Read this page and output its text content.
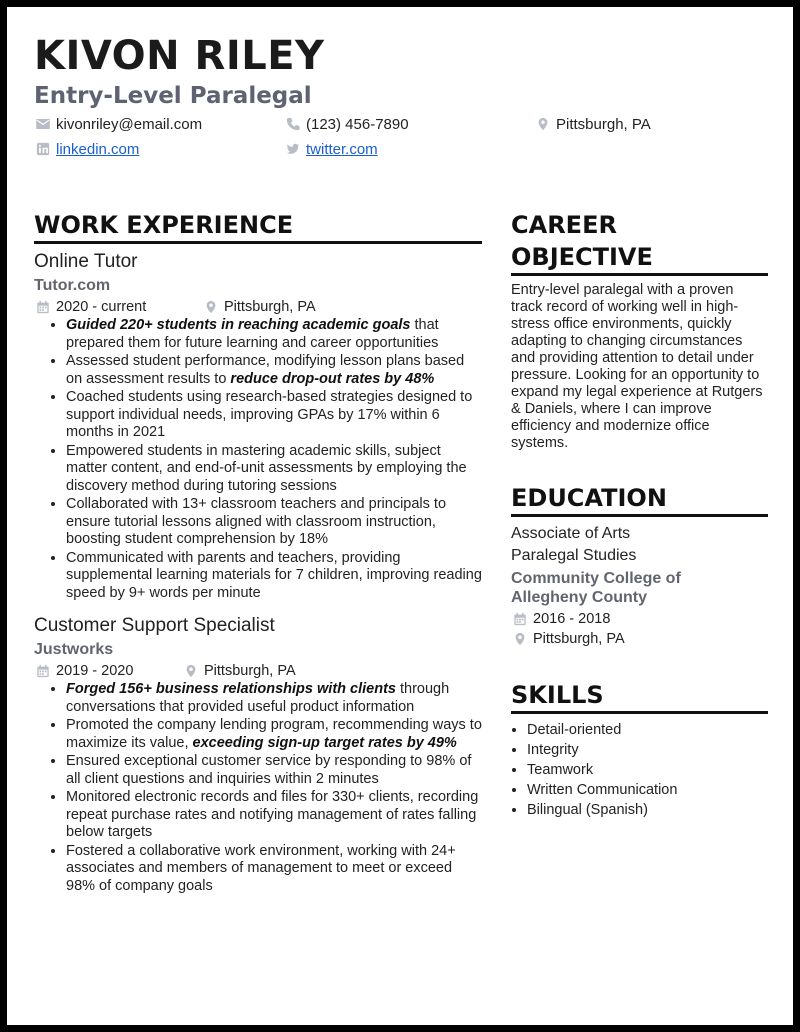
KIVON RILEY
Entry-Level Paralegal
kivonriley@email.com	(123) 456-7890	Pittsburgh, PA
linkedin.com	twitter.com
WORK EXPERIENCE
Online Tutor
Tutor.com
2020 - current	Pittsburgh, PA
• Guided 220+ students in reaching academic goals that prepared them for future learning and career opportunities
• Assessed student performance, modifying lesson plans based on assessment results to reduce drop-out rates by 48%
• Coached students using research-based strategies designed to support individual needs, improving GPAs by 17% within 6 months in 2021
• Empowered students in mastering academic skills, subject matter content, and end-of-unit assessments by employing the discovery method during tutoring sessions
• Collaborated with 13+ classroom teachers and principals to ensure tutorial lessons aligned with classroom instruction, boosting student comprehension by 18%
• Communicated with parents and teachers, providing supplemental learning materials for 7 children, improving reading speed by 9+ words per minute
Customer Support Specialist
Justworks
2019 - 2020	Pittsburgh, PA
• Forged 156+ business relationships with clients through conversations that provided useful product information
• Promoted the company lending program, recommending ways to maximize its value, exceeding sign-up target rates by 49%
• Ensured exceptional customer service by responding to 98% of all client questions and inquiries within 2 minutes
• Monitored electronic records and files for 330+ clients, recording repeat purchase rates and notifying management of rates falling below targets
• Fostered a collaborative work environment, working with 24+ associates and members of management to meet or exceed 98% of company goals
CAREER
OBJECTIVE

Entry-level paralegal with a proven track record of working well in high-stress office environments, quickly adapting to changing circumstances and providing attention to detail under pressure. Looking for an opportunity to expand my legal experience at Rutgers & Daniels, where I can improve efficiency and modernize office systems.

EDUCATION
Associate of Arts
Paralegal Studies
Community College of
Allegheny County
2016 - 2018
Pittsburgh, PA
SKILLS
• Detail-oriented
• Integrity
• Teamwork
• Written Communication
• Bilingual (Spanish)
